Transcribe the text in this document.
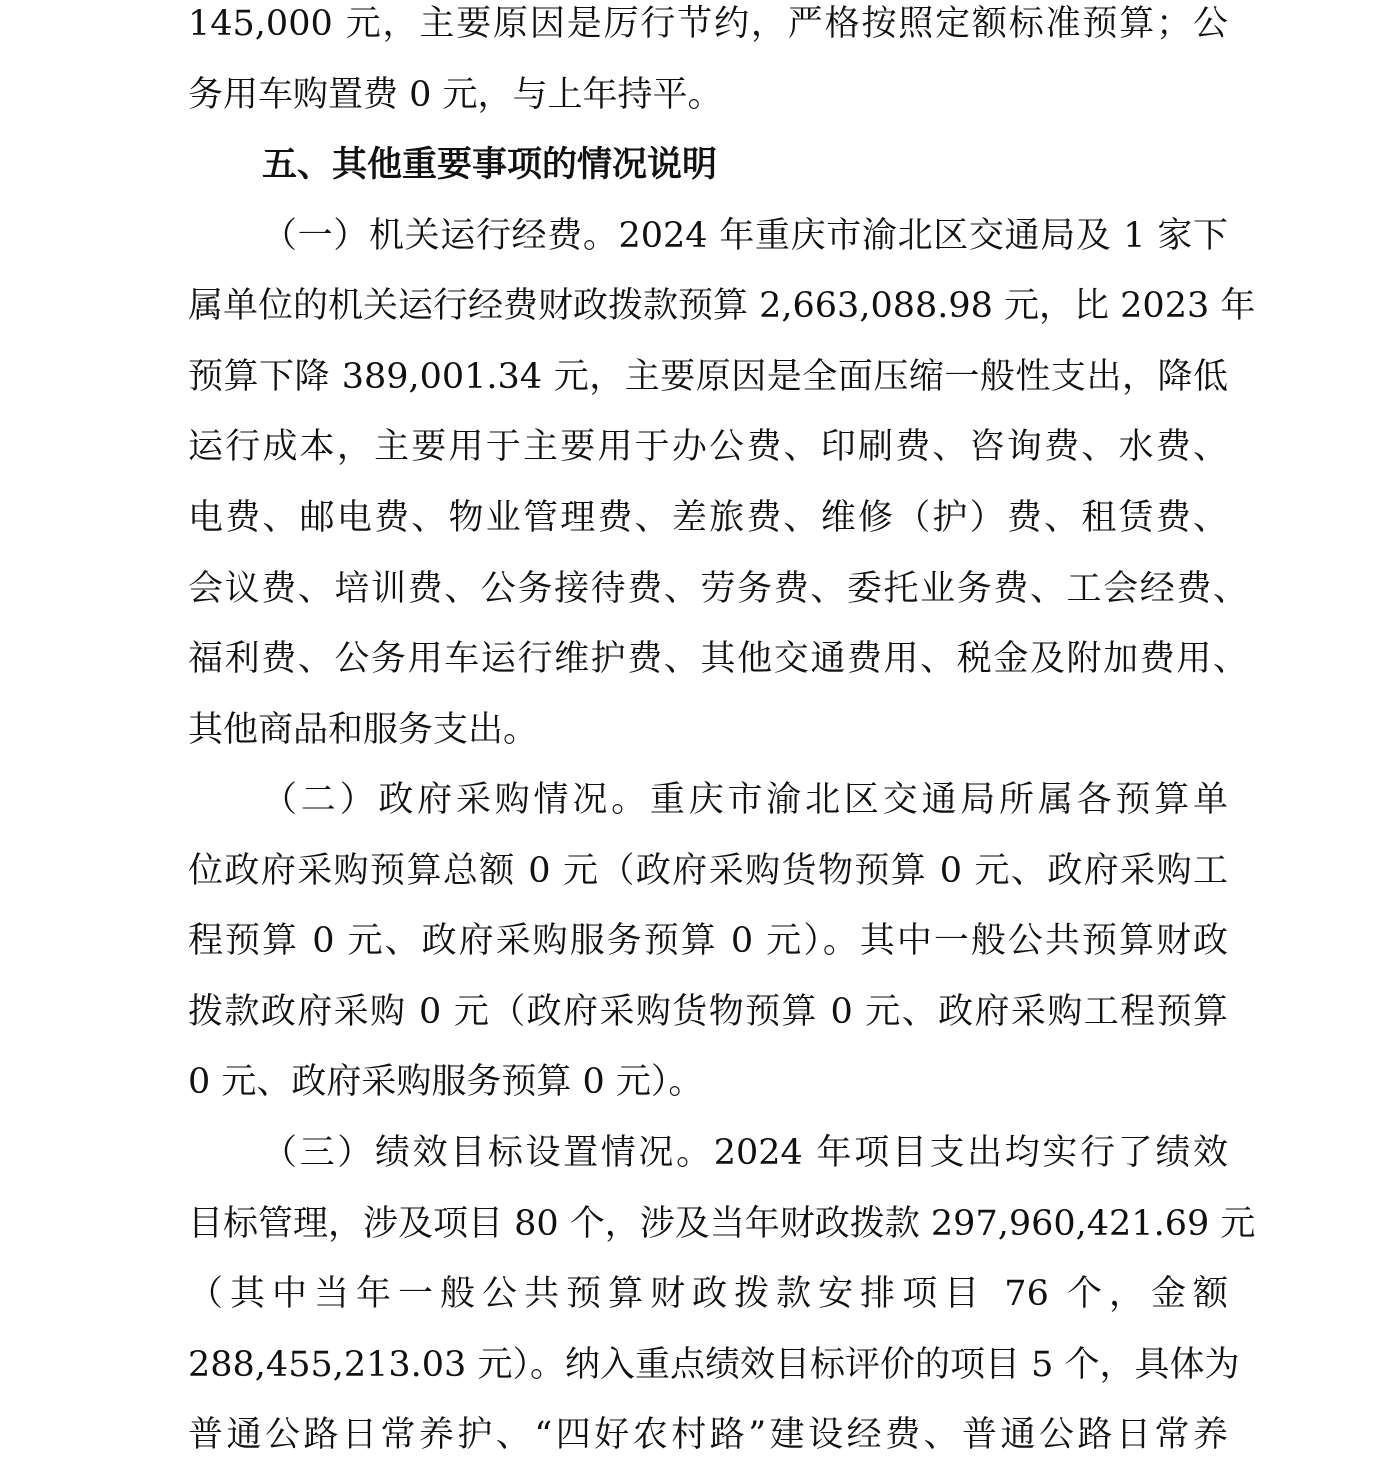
145,000 元，主要原因是厉行节约，严格按照定额标准预算；公
务用车购置费 0 元，与上年持平。
五、其他重要事项的情况说明
（一）机关运行经费。2024 年重庆市渝北区交通局及 1 家下
属单位的机关运行经费财政拨款预算 2,663,088.98 元，比 2023 年
预算下降 389,001.34 元，主要原因是全面压缩一般性支出，降低
运行成本，主要用于主要用于办公费、印刷费、咨询费、水费、
电费、邮电费、物业管理费、差旅费、维修（护）费、租赁费、
会议费、培训费、公务接待费、劳务费、委托业务费、工会经费、
福利费、公务用车运行维护费、其他交通费用、税金及附加费用、
其他商品和服务支出。
（二）政府采购情况。重庆市渝北区交通局所属各预算单
位政府采购预算总额 0 元（政府采购货物预算 0 元、政府采购工
程预算 0 元、政府采购服务预算 0 元）。其中一般公共预算财政
拨款政府采购 0 元（政府采购货物预算 0 元、政府采购工程预算
0 元、政府采购服务预算 0 元）。
（三）绩效目标设置情况。2024 年项目支出均实行了绩效
目标管理，涉及项目 80 个，涉及当年财政拨款 297,960,421.69 元
（其中当年一般公共预算财政拨款安排项目 76 个，金额
288,455,213.03 元）。纳入重点绩效目标评价的项目 5 个，具体为
普通公路日常养护、“四好农村路”建设经费、普通公路日常养
